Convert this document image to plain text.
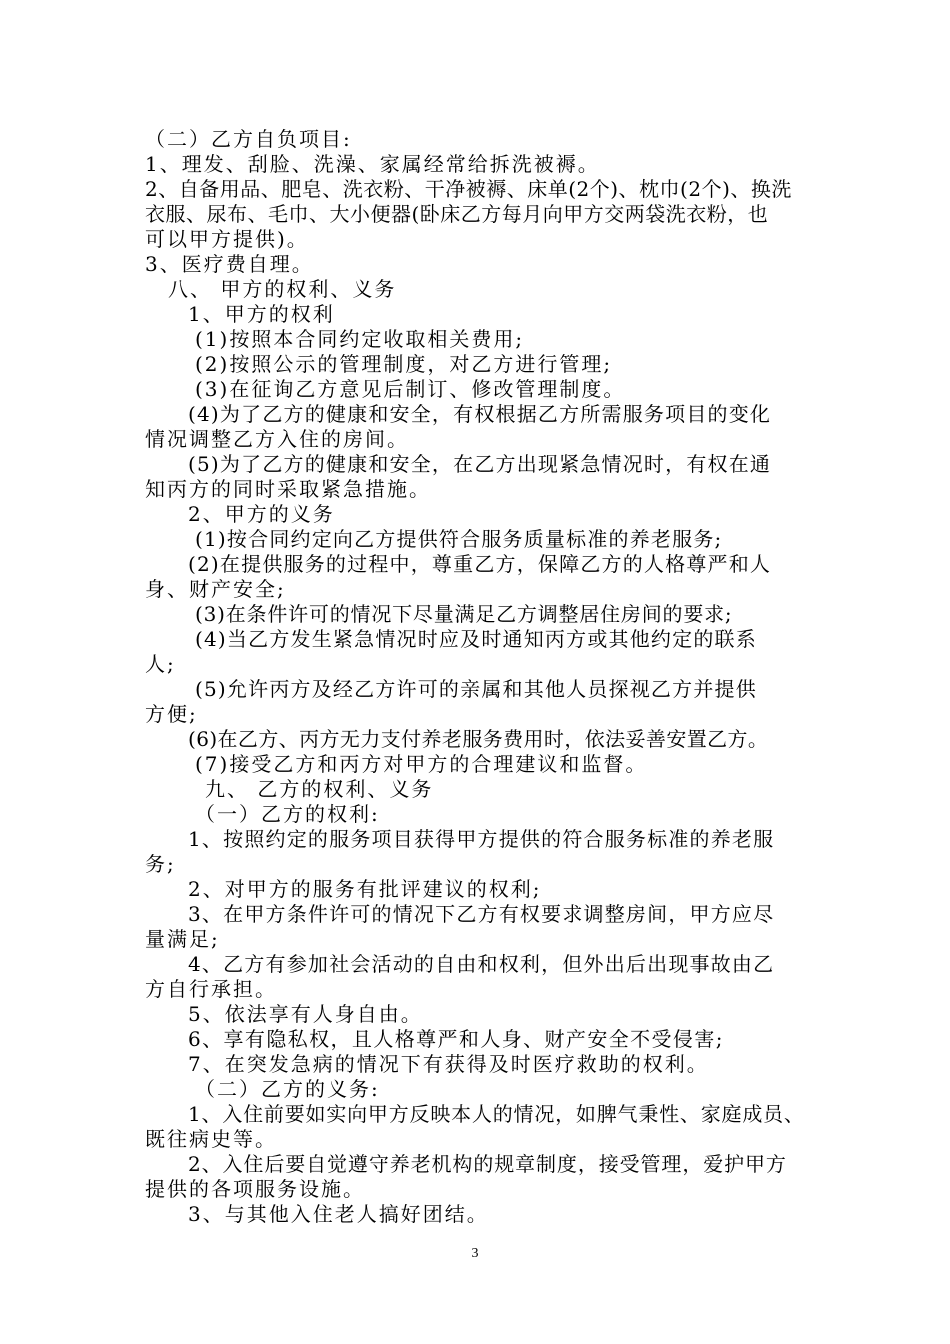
（二）乙方自负项目:
1、理发、刮脸、洗澡、家属经常给拆洗被褥。
2、自备用品、肥皂、洗衣粉、干净被褥、床单(2个)、枕巾(2个)、换洗
衣服、尿布、毛巾、大小便器(卧床乙方每月向甲方交两袋洗衣粉，也
可以甲方提供)。
3、医疗费自理。
八、 甲方的权利、义务
1、甲方的权利
(1)按照本合同约定收取相关费用;
(2)按照公示的管理制度，对乙方进行管理;
(3)在征询乙方意见后制订、修改管理制度。
(4)为了乙方的健康和安全，有权根据乙方所需服务项目的变化
情况调整乙方入住的房间。
(5)为了乙方的健康和安全，在乙方出现紧急情况时，有权在通
知丙方的同时采取紧急措施。
2、甲方的义务
(1)按合同约定向乙方提供符合服务质量标准的养老服务;
(2)在提供服务的过程中，尊重乙方，保障乙方的人格尊严和人
身、财产安全;
(3)在条件许可的情况下尽量满足乙方调整居住房间的要求;
(4)当乙方发生紧急情况时应及时通知丙方或其他约定的联系
人;
(5)允许丙方及经乙方许可的亲属和其他人员探视乙方并提供
方便;
(6)在乙方、丙方无力支付养老服务费用时，依法妥善安置乙方。
(7)接受乙方和丙方对甲方的合理建议和监督。
九、 乙方的权利、义务
（一）乙方的权利:
1、按照约定的服务项目获得甲方提供的符合服务标准的养老服
务;
2、对甲方的服务有批评建议的权利;
3、在甲方条件许可的情况下乙方有权要求调整房间，甲方应尽
量满足;
4、乙方有参加社会活动的自由和权利，但外出后出现事故由乙
方自行承担。
5、依法享有人身自由。
6、享有隐私权，且人格尊严和人身、财产安全不受侵害;
7、在突发急病的情况下有获得及时医疗救助的权利。
（二）乙方的义务:
1、入住前要如实向甲方反映本人的情况，如脾气秉性、家庭成员、
既往病史等。
2、入住后要自觉遵守养老机构的规章制度，接受管理，爱护甲方
提供的各项服务设施。
3、与其他入住老人搞好团结。
3
